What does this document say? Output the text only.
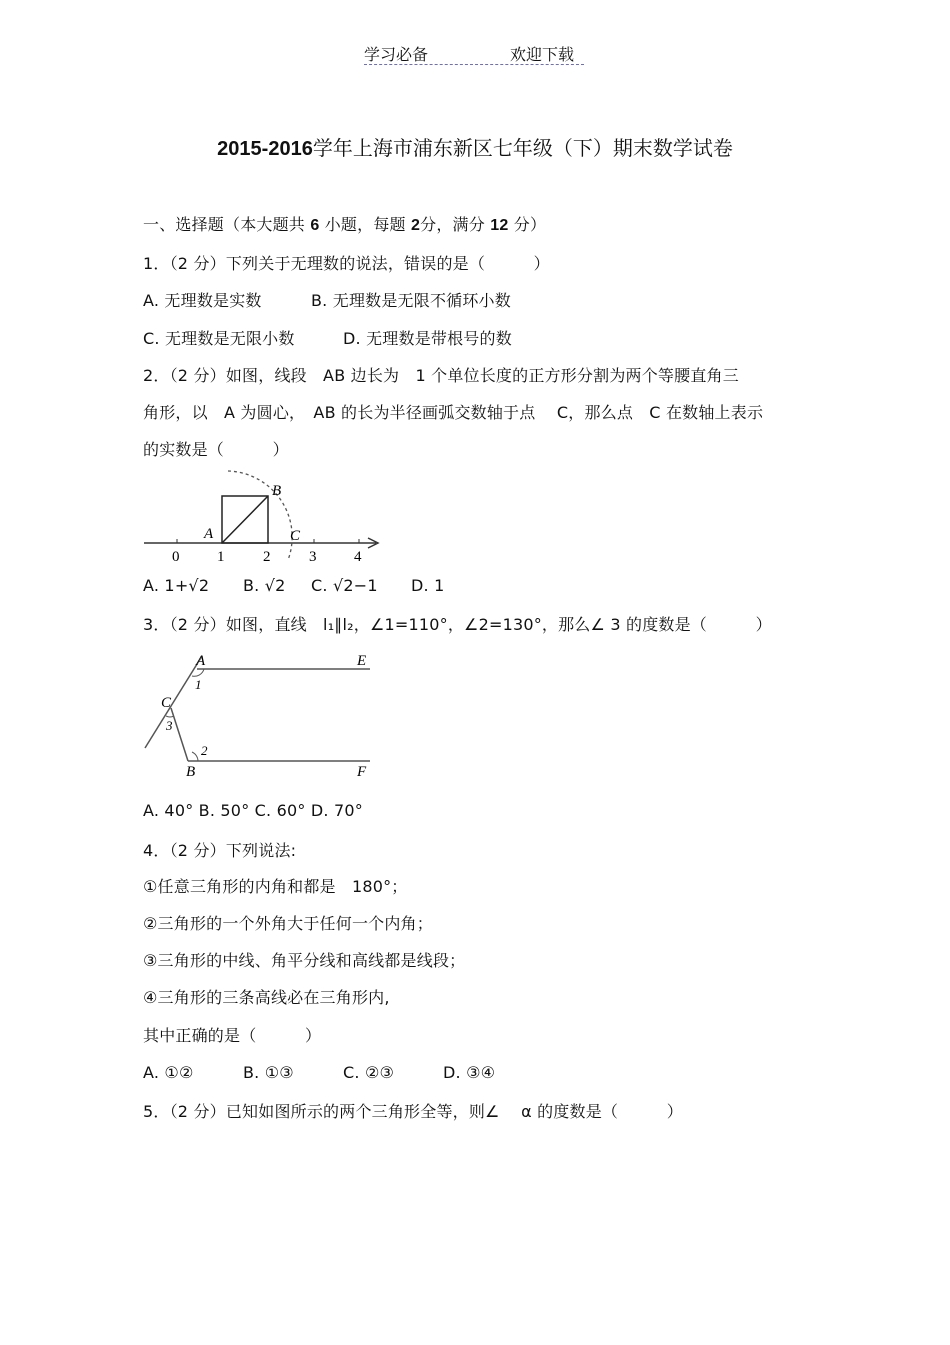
学习必备	欢迎下载
2015-2016学年上海市浦东新区七年级（下）期末数学试卷
一、选择题（本大题共 6 小题，每题 2分，满分 12 分）
1．（2 分）下列关于无理数的说法，错误的是（　　　）
A. 无理数是实数	B. 无理数是无限不循环小数
C. 无理数是无限小数	D. 无理数是带根号的数
2．（2 分）如图，线段　AB 边长为　1 个单位长度的正方形分割为两个等腰直角三
角形，以　A 为圆心，　AB 的长为半径画弧交数轴于点　 C，那么点　C 在数轴上表示
的实数是（　　　）
A
B
C
0	1	2	3	4
A. 1+√2 B. √2 C. √2−1 D. 1
3．（2 分）如图，直线　l₁∥l₂，∠1=110°，∠2=130°，那么∠ 3 的度数是（　　　）
A	E
C
B	F
1
2
3
A. 40° B. 50° C. 60° D. 70°
4．（2 分）下列说法:
①任意三角形的内角和都是　180°；
②三角形的一个外角大于任何一个内角；
③三角形的中线、角平分线和高线都是线段；
④三角形的三条高线必在三角形内,
其中正确的是（　　　）
A. ①②	B. ①③	C. ②③	D. ③④
5．（2 分）已知如图所示的两个三角形全等，则∠　 α 的度数是（　　　）
